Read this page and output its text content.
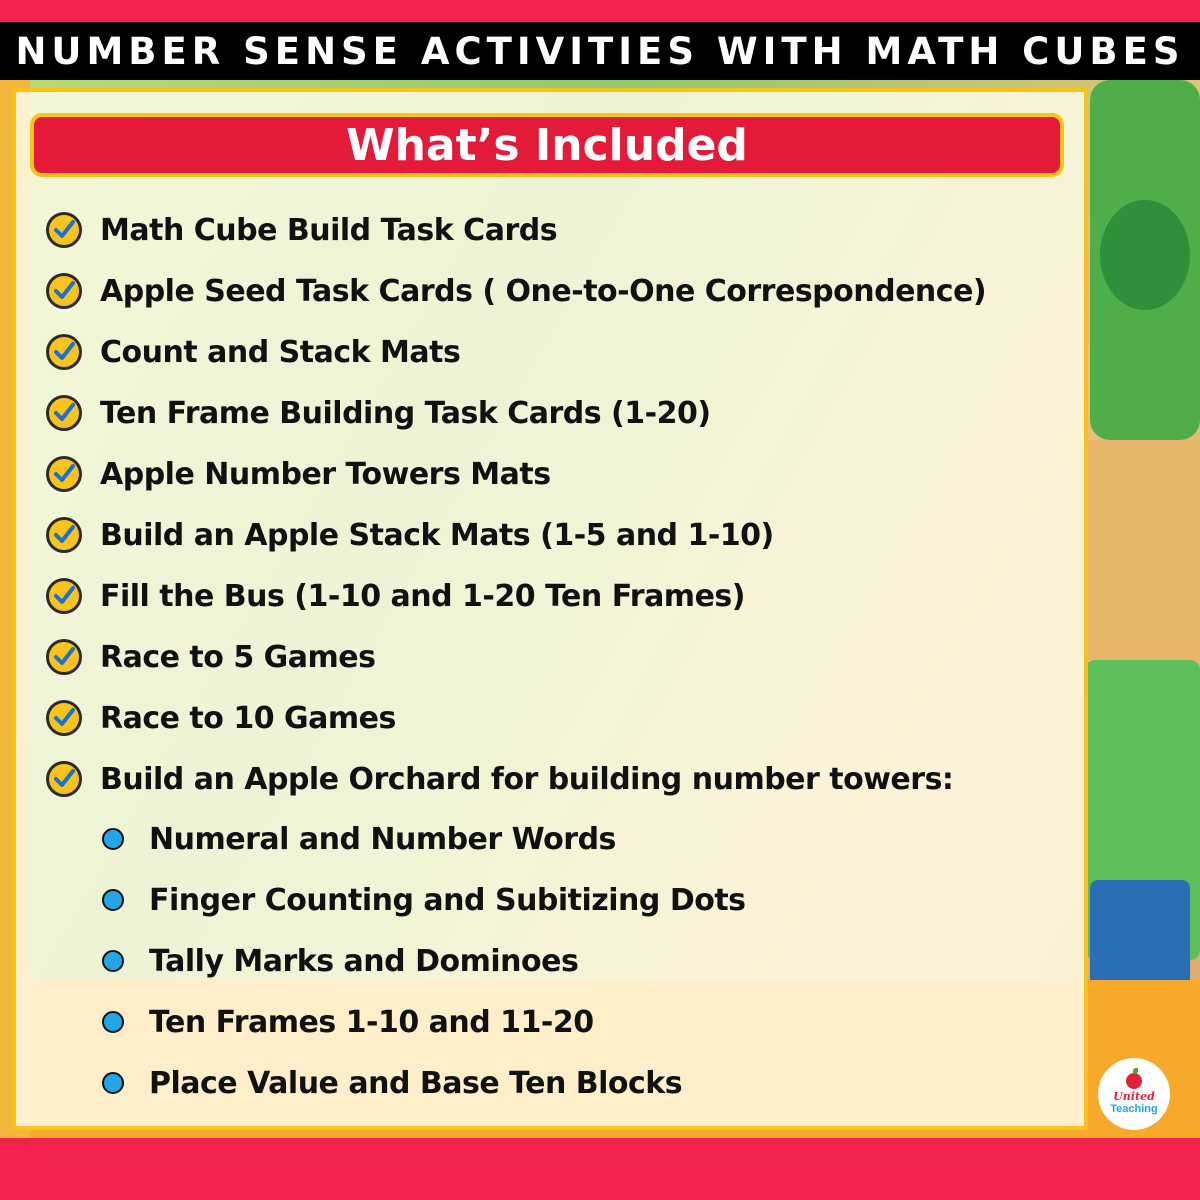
NUMBER SENSE ACTIVITIES WITH MATH CUBES
What’s Included
Math Cube Build Task Cards
Apple Seed Task Cards ( One-to-One Correspondence)
Count and Stack Mats
Ten Frame Building Task Cards (1-20)
Apple Number Towers Mats
Build an Apple Stack Mats (1-5 and 1-10)
Fill the Bus (1-10 and 1-20 Ten Frames)
Race to 5 Games
Race to 10 Games
Build an Apple Orchard for building number towers:
Numeral and Number Words
Finger Counting and Subitizing Dots
Tally Marks and Dominoes
Ten Frames 1-10 and 11-20
Place Value and Base Ten Blocks	United
Teaching
